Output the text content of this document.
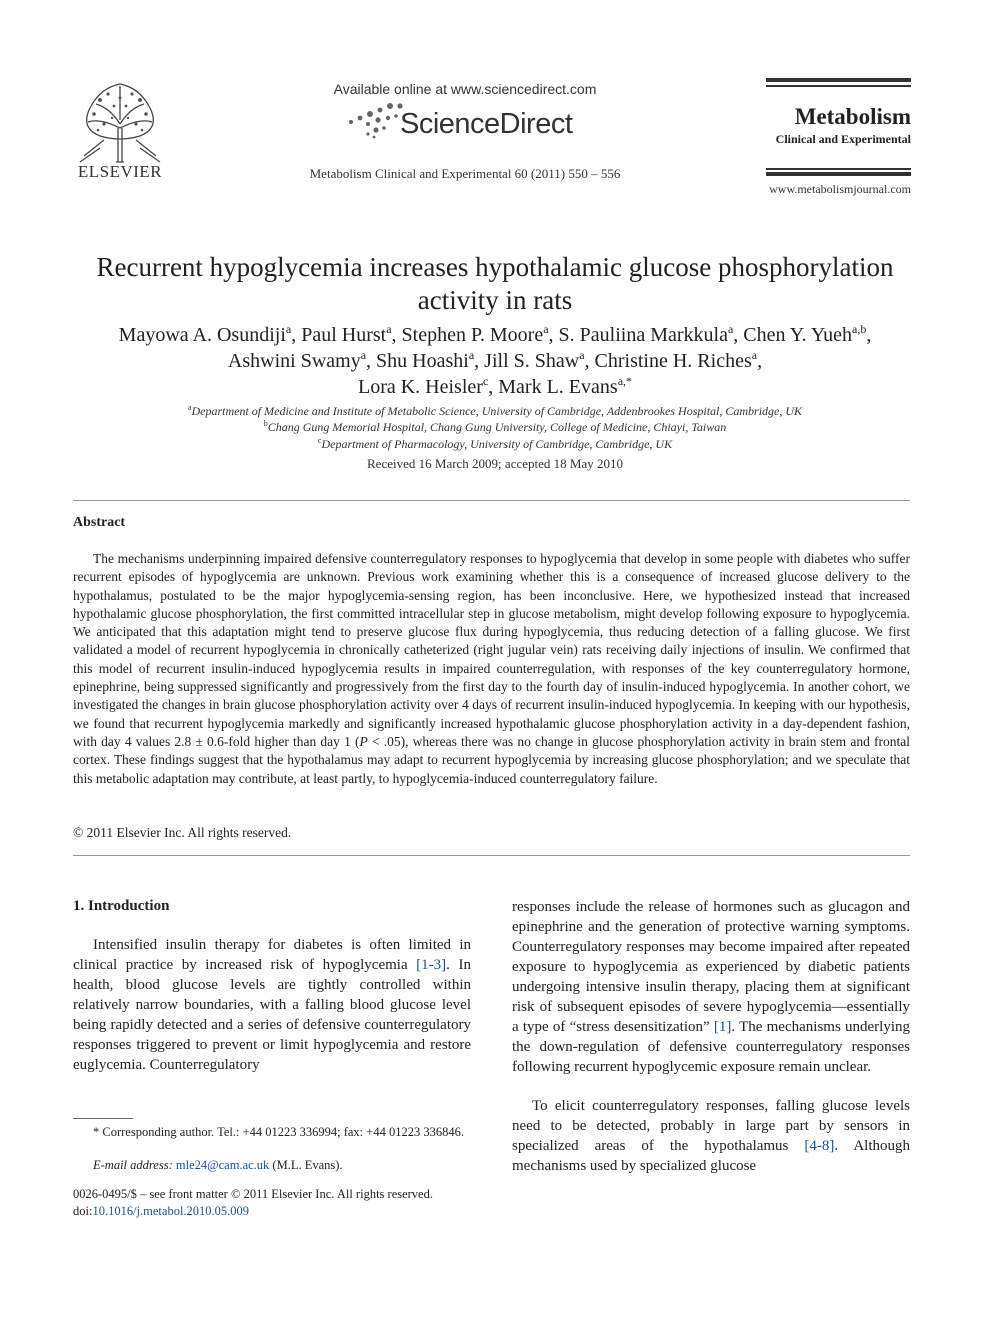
ELSEVIER
Available online at www.sciencedirect.com
ScienceDirect
Metabolism Clinical and Experimental 60 (2011) 550 – 556
Metabolism
Clinical and Experimental
www.metabolismjournal.com
Recurrent hypoglycemia increases hypothalamic glucose phosphorylation
activity in rats
Mayowa A. Osundiji$^a$, Paul Hurst$^a$, Stephen P. Moore$^a$, S. Pauliina Markkula$^a$, Chen Y. Yueh$^{a,b}$,
Ashwini Swamy$^a$, Shu Hoashi$^a$, Jill S. Shaw$^a$, Christine H. Riches$^a$,
Lora K. Heisler$^c$, Mark L. Evans$^{a,*}$
$^a$Department of Medicine and Institute of Metabolic Science, University of Cambridge, Addenbrookes Hospital, Cambridge, UK
$^b$Chang Gung Memorial Hospital, Chang Gung University, College of Medicine, Chiayi, Taiwan
$^c$Department of Pharmacology, University of Cambridge, Cambridge, UK
Received 16 March 2009; accepted 18 May 2010
Abstract
The mechanisms underpinning impaired defensive counterregulatory responses to hypoglycemia that develop in some people with diabetes who suffer recurrent episodes of hypoglycemia are unknown. Previous work examining whether this is a consequence of increased glucose delivery to the hypothalamus, postulated to be the major hypoglycemia-sensing region, has been inconclusive. Here, we hypothesized instead that increased hypothalamic glucose phosphorylation, the first committed intracellular step in glucose metabolism, might develop following exposure to hypoglycemia. We anticipated that this adaptation might tend to preserve glucose flux during hypoglycemia, thus reducing detection of a falling glucose. We first validated a model of recurrent hypoglycemia in chronically catheterized (right jugular vein) rats receiving daily injections of insulin. We confirmed that this model of recurrent insulin-induced hypoglycemia results in impaired counterregulation, with responses of the key counterregulatory hormone, epinephrine, being suppressed significantly and progressively from the first day to the fourth day of insulin-induced hypoglycemia. In another cohort, we investigated the changes in brain glucose phosphorylation activity over 4 days of recurrent insulin-induced hypoglycemia. In keeping with our hypothesis, we found that recurrent hypoglycemia markedly and significantly increased hypothalamic glucose phosphorylation activity in a day-dependent fashion, with day 4 values 2.8 ± 0.6-fold higher than day 1 (P < .05), whereas there was no change in glucose phosphorylation activity in brain stem and frontal cortex. These findings suggest that the hypothalamus may adapt to recurrent hypoglycemia by increasing glucose phosphorylation; and we speculate that this metabolic adaptation may contribute, at least partly, to hypoglycemia-induced counterregulatory failure.
© 2011 Elsevier Inc. All rights reserved.
1. Introduction
Intensified insulin therapy for diabetes is often limited in clinical practice by increased risk of hypoglycemia [1-3]. In health, blood glucose levels are tightly controlled within relatively narrow boundaries, with a falling blood glucose level being rapidly detected and a series of defensive counterregulatory responses triggered to prevent or limit hypoglycemia and restore euglycemia. Counterregulatory
responses include the release of hormones such as glucagon and epinephrine and the generation of protective warning symptoms. Counterregulatory responses may become impaired after repeated exposure to hypoglycemia as experienced by diabetic patients undergoing intensive insulin therapy, placing them at significant risk of subsequent episodes of severe hypoglycemia—essentially a type of “stress desensitization” [1]. The mechanisms underlying the down-regulation of defensive counterregulatory responses following recurrent hypoglycemic exposure remain unclear.
To elicit counterregulatory responses, falling glucose levels need to be detected, probably in large part by sensors in specialized areas of the hypothalamus [4-8]. Although mechanisms used by specialized glucose
* Corresponding author. Tel.: +44 01223 336994; fax: +44 01223 336846.
E-mail address: mle24@cam.ac.uk (M.L. Evans).
0026-0495/$ – see front matter © 2011 Elsevier Inc. All rights reserved.
doi:10.1016/j.metabol.2010.05.009
